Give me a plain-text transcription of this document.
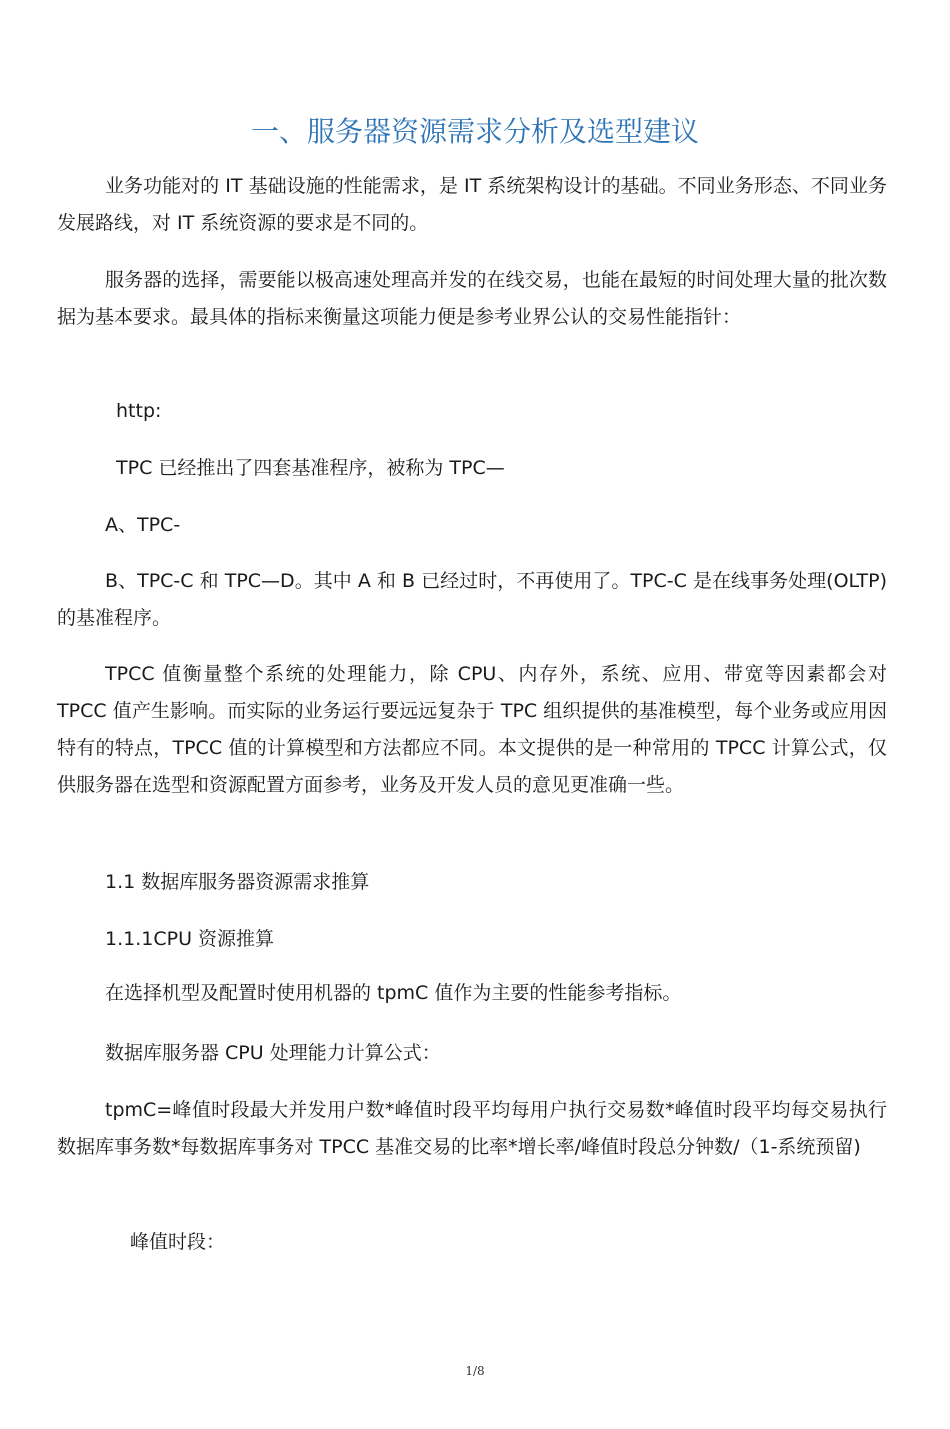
一、服务器资源需求分析及选型建议

业务功能对的 IT 基础设施的性能需求，是 IT 系统架构设计的基础。不同业务形态、不同业务发展路线，对 IT 系统资源的要求是不同的。

服务器的选择，需要能以极高速处理高并发的在线交易，也能在最短的时间处理大量的批次数据为基本要求。最具体的指标来衡量这项能力便是参考业界公认的交易性能指针：

http:

TPC 已经推出了四套基准程序，被称为 TPC—

A、TPC-

B、TPC-C 和 TPC—D。其中 A 和 B 已经过时，不再使用了。TPC-C 是在线事务处理(OLTP)的基准程序。

TPCC 值衡量整个系统的处理能力，除 CPU、内存外，系统、应用、带宽等因素都会对 TPCC 值产生影响。而实际的业务运行要远远复杂于 TPC 组织提供的基准模型，每个业务或应用因特有的特点，TPCC 值的计算模型和方法都应不同。本文提供的是一种常用的 TPCC 计算公式，仅供服务器在选型和资源配置方面参考，业务及开发人员的意见更准确一些。

1.1 数据库服务器资源需求推算

1.1.1CPU 资源推算

在选择机型及配置时使用机器的 tpmC 值作为主要的性能参考指标。

数据库服务器 CPU 处理能力计算公式：

tpmC=峰值时段最大并发用户数*峰值时段平均每用户执行交易数*峰值时段平均每交易执行数据库事务数*每数据库事务对 TPCC 基准交易的比率*增长率/峰值时段总分钟数/（1-系统预留)

峰值时段：

1/8
